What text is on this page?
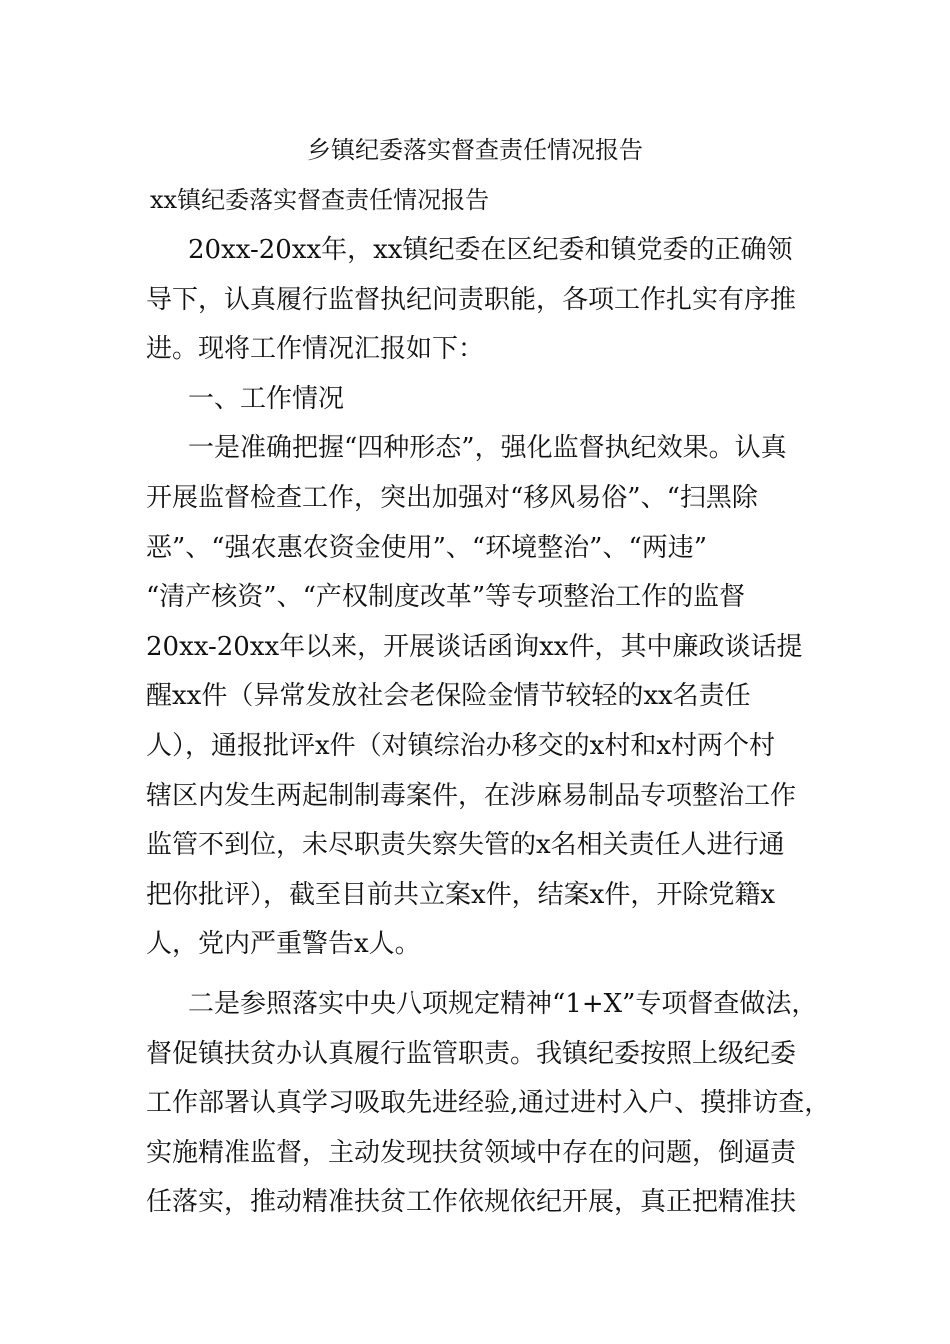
乡镇纪委落实督查责任情况报告
xx镇纪委落实督查责任情况报告

20xx-20xx年，xx镇纪委在区纪委和镇党委的正确领
导下，认真履行监督执纪问责职能，各项工作扎实有序推
进。现将工作情况汇报如下：

一、工作情况

一是准确把握“四种形态”，强化监督执纪效果。认真
开展监督检查工作，突出加强对“移风易俗”、“扫黑除
恶”、“强农惠农资金使用”、“环境整治”、“两违”
“清产核资”、“产权制度改革”等专项整治工作的监督
20xx-20xx年以来，开展谈话函询xx件，其中廉政谈话提
醒xx件（异常发放社会老保险金情节较轻的xx名责任
人），通报批评x件（对镇综治办移交的x村和x村两个村
辖区内发生两起制制毒案件，在涉麻易制品专项整治工作
监管不到位，未尽职责失察失管的x名相关责任人进行通
把你批评），截至目前共立案x件，结案x件，开除党籍x
人，党内严重警告x人。

二是参照落实中央八项规定精神“1+X”专项督查做法，
督促镇扶贫办认真履行监管职责。我镇纪委按照上级纪委
工作部署认真学习吸取先进经验,通过进村入户、摸排访查，
实施精准监督，主动发现扶贫领域中存在的问题，倒逼责
任落实，推动精准扶贫工作依规依纪开展，真正把精准扶
